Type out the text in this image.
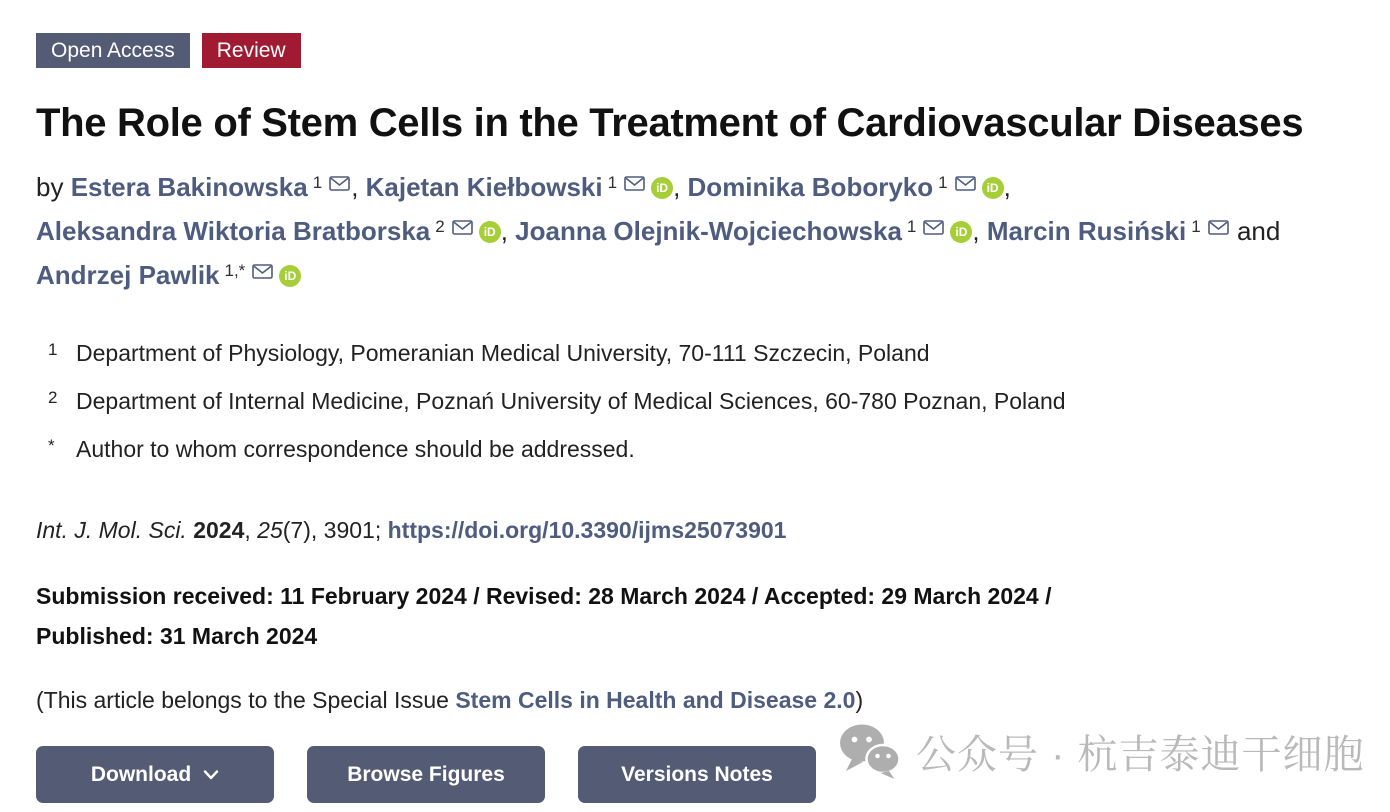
Open Access	Review
The Role of Stem Cells in the Treatment of Cardiovascular Diseases
by Estera Bakinowska $^1$ , Kajetan Kiełbowski $^1$	iD , Dominika Boboryko $^1$	iD ,
Aleksandra Wiktoria Bratborska $^2$	iD , Joanna Olejnik-Wojciechowska $^1$	iD , Marcin Rusiński $^1$ and
Andrzej Pawlik $^{1,*}$	iD
1 Department of Physiology, Pomeranian Medical University, 70-111 Szczecin, Poland
2 Department of Internal Medicine, Poznań University of Medical Sciences, 60-780 Poznan, Poland
* Author to whom correspondence should be addressed.
Int. J. Mol. Sci. 2024, 25(7), 3901; https://doi.org/10.3390/ijms25073901
Submission received: 11 February 2024 / Revised: 28 March 2024 / Accepted: 29 March 2024 /
Published: 31 March 2024
(This article belongs to the Special Issue Stem Cells in Health and Disease 2.0)
Download	Browse Figures	Versions Notes	公众号 · 杭吉泰迪干细胞
